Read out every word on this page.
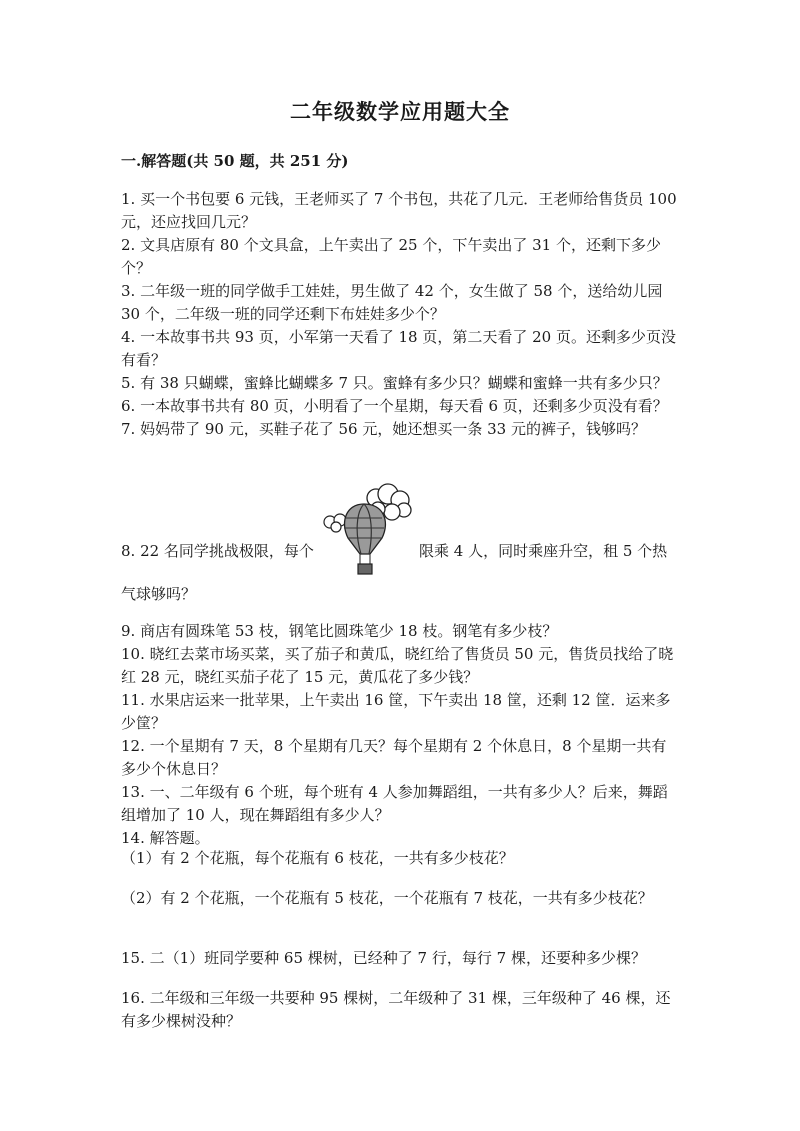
二年级数学应用题大全
一.解答题(共 50 题，共 251 分)

1. 买一个书包要 6 元钱，王老师买了 7 个书包，共花了几元．王老师给售货员 100 元，还应找回几元？

2. 文具店原有 80 个文具盒，上午卖出了 25 个，下午卖出了 31 个，还剩下多少个？

3. 二年级一班的同学做手工娃娃，男生做了 42 个，女生做了 58 个，送给幼儿园 30 个，二年级一班的同学还剩下布娃娃多少个？

4. 一本故事书共 93 页，小军第一天看了 18 页，第二天看了 20 页。还剩多少页没有看？

5. 有 38 只蝴蝶，蜜蜂比蝴蝶多 7 只。蜜蜂有多少只？蝴蝶和蜜蜂一共有多少只？

6. 一本故事书共有 80 页，小明看了一个星期，每天看 6 页，还剩多少页没有看？

7. 妈妈带了 90 元，买鞋子花了 56 元，她还想买一条 33 元的裤子，钱够吗？

8. 22 名同学挑战极限，每个	限乘 4 人，同时乘座升空，租 5 个热
气球够吗？

9. 商店有圆珠笔 53 枝，钢笔比圆珠笔少 18 枝。钢笔有多少枝？

10. 晓红去菜市场买菜，买了茄子和黄瓜，晓红给了售货员 50 元，售货员找给了晓红 28 元，晓红买茄子花了 15 元，黄瓜花了多少钱？

11. 水果店运来一批苹果，上午卖出 16 筐，下午卖出 18 筐，还剩 12 筐．运来多少筐？

12. 一个星期有 7 天，8 个星期有几天？每个星期有 2 个休息日，8 个星期一共有多少个休息日？

13. 一、二年级有 6 个班，每个班有 4 人参加舞蹈组，一共有多少人？后来，舞蹈组增加了 10 人，现在舞蹈组有多少人？

14. 解答题。

（1）有 2 个花瓶，每个花瓶有 6 枝花，一共有多少枝花？
（2）有 2 个花瓶，一个花瓶有 5 枝花，一个花瓶有 7 枝花，一共有多少枝花？
15. 二（1）班同学要种 65 棵树，已经种了 7 行，每行 7 棵，还要种多少棵？
16. 二年级和三年级一共要种 95 棵树，二年级种了 31 棵，三年级种了 46 棵，还有多少棵树没种？
